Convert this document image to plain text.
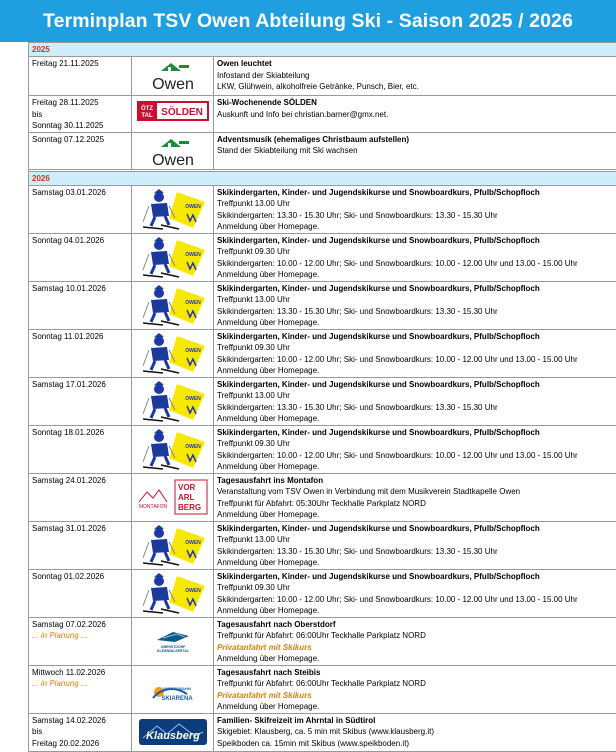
Terminplan TSV Owen Abteilung Ski - Saison 2025 / 2026
2025		

Freitag 21.11.2025	Owen	Owen leuchtet
Infostand der Skiabteilung
LKW, Glühwein, alkoholfreie Getränke, Punsch, Bier, etc.

Freitag 28.11.2025
bis
Sonntag 30.11.2025	ÖTZ
TAL SÖLDEN	Ski-Wochenende SÖLDEN
Auskunft und Info bei christian.barner@gmx.net.

Sonntag 07.12.2025	Owen	Adventsmusik (ehemaliges Christbaum aufstellen)
Stand der Skiabteilung mit Ski wachsen

2026		

Samstag 03.01.2026	OWEN	Skikindergarten, Kinder- und Jugendskikurse und Snowboardkurs, Pfulb/Schopfloch
Treffpunkt 13.00 Uhr
Skikindergarten: 13.30 - 15.30 Uhr; Ski- und Snowboardkurs: 13.30 - 15.30 Uhr
Anmeldung über Homepage.

Sonntag 04.01.2026	OWEN	Skikindergarten, Kinder- und Jugendskikurse und Snowboardkurs, Pfulb/Schopfloch
Treffpunkt 09.30 Uhr
Skikindergarten: 10.00 - 12.00 Uhr; Ski- und Snowboardkurs: 10.00 - 12.00 Uhr und 13.00 - 15.00 Uhr
Anmeldung über Homepage.

Samstag 10.01.2026	OWEN	Skikindergarten, Kinder- und Jugendskikurse und Snowboardkurs, Pfulb/Schopfloch
Treffpunkt 13.00 Uhr
Skikindergarten: 13.30 - 15.30 Uhr; Ski- und Snowboardkurs: 13.30 - 15.30 Uhr
Anmeldung über Homepage.

Sonntag 11.01.2026	OWEN	Skikindergarten, Kinder- und Jugendskikurse und Snowboardkurs, Pfulb/Schopfloch
Treffpunkt 09.30 Uhr
Skikindergarten: 10.00 - 12.00 Uhr; Ski- und Snowboardkurs: 10.00 - 12.00 Uhr und 13.00 - 15.00 Uhr
Anmeldung über Homepage.

Samstag 17.01.2026	OWEN	Skikindergarten, Kinder- und Jugendskikurse und Snowboardkurs, Pfulb/Schopfloch
Treffpunkt 13.00 Uhr
Skikindergarten: 13.30 - 15.30 Uhr; Ski- und Snowboardkurs: 13.30 - 15.30 Uhr
Anmeldung über Homepage.

Sonntag 18.01.2026	OWEN	Skikindergarten, Kinder- und Jugendskikurse und Snowboardkurs, Pfulb/Schopfloch
Treffpunkt 09.30 Uhr
Skikindergarten: 10.00 - 12.00 Uhr; Ski- und Snowboardkurs: 10.00 - 12.00 Uhr und 13.00 - 15.00 Uhr
Anmeldung über Homepage.

Samstag 24.01.2026	MONTAFON
VOR
ARL
BERG	Tagesausfahrt ins Montafon
Veranstaltung vom TSV Owen in Verbindung mit dem Musikverein Stadtkapelle Owen
Treffpunkt für Abfahrt: 05:30Uhr Teckhalle Parkplatz NORD
Anmeldung über Homepage.

Samstag 31.01.2026	OWEN	Skikindergarten, Kinder- und Jugendskikurse und Snowboardkurs, Pfulb/Schopfloch
Treffpunkt 13.00 Uhr
Skikindergarten: 13.30 - 15.30 Uhr; Ski- und Snowboardkurs: 13.30 - 15.30 Uhr
Anmeldung über Homepage.

Sonntag 01.02.2026	OWEN	Skikindergarten, Kinder- und Jugendskikurse und Snowboardkurs, Pfulb/Schopfloch
Treffpunkt 09.30 Uhr
Skikindergarten: 10.00 - 12.00 Uhr; Ski- und Snowboardkurs: 10.00 - 12.00 Uhr und 13.00 - 15.00 Uhr
Anmeldung über Homepage.

Samstag 07.02.2026
... in Planung ...	OBERSTDORF
KLEINWALSERTAL	Tagesausfahrt nach Oberstdorf
Treffpunkt für Abfahrt: 06:00Uhr Teckhalle Parkplatz NORD
Privatanfahrt mit Skikurs
Anmeldung über Homepage.

Mittwoch 11.02.2026
... in Planung ...	IMBERGBAHN
SKIARENA	Tagesausfahrt nach Steibis
Treffpunkt für Abfahrt: 06:00Uhr Teckhalle Parkplatz NORD
Privatanfahrt mit Skikurs
Anmeldung über Homepage.

Samstag 14.02.2026
bis
Freitag 20.02.2026	Klausberg	Familien- Skifreizeit im Ahrntal in Südtirol
Skigebiet: Klausberg, ca. 5 min mit Skibus (www.klausberg.it)
Speikboden ca. 15min mit Skibus (www.speikboden.it)
